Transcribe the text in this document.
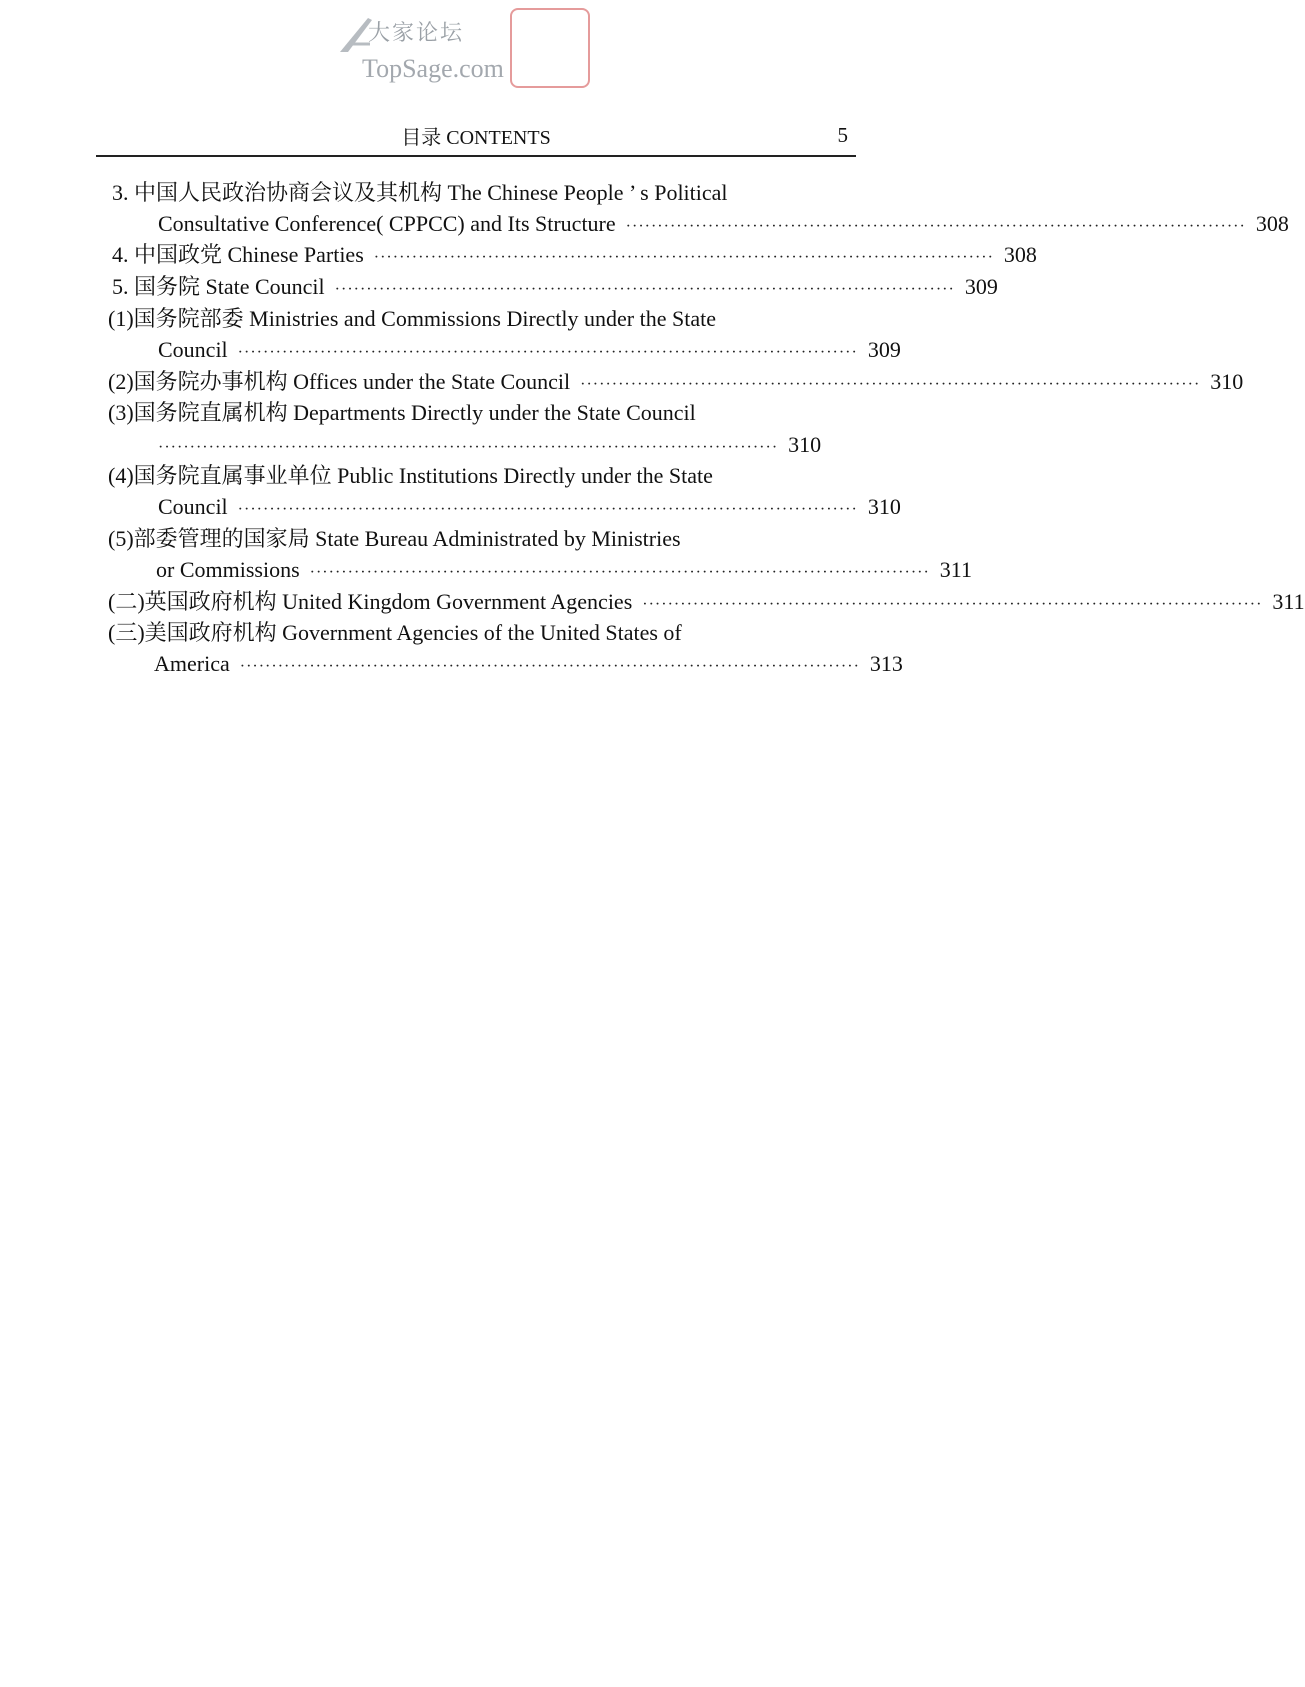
大家论坛
TopSage.com
目录 CONTENTS	5
3. 中国人民政治协商会议及其机构 The Chinese People ’ s Political
Consultative Conference( CPPCC) and Its Structure ·································································································· 308
4. 中国政党 Chinese Parties ·································································································· 308
5. 国务院 State Council ·································································································· 309
(1)国务院部委 Ministries and Commissions Directly under the State
Council ·································································································· 309
(2)国务院办事机构 Offices under the State Council ·································································································· 310
(3)国务院直属机构 Departments Directly under the State Council
·································································································· 310
(4)国务院直属事业单位 Public Institutions Directly under the State
Council ·································································································· 310
(5)部委管理的国家局 State Bureau Administrated by Ministries
or Commissions ·································································································· 311
(二)英国政府机构 United Kingdom Government Agencies ·································································································· 311
(三)美国政府机构 Government Agencies of the United States of
America ·································································································· 313
